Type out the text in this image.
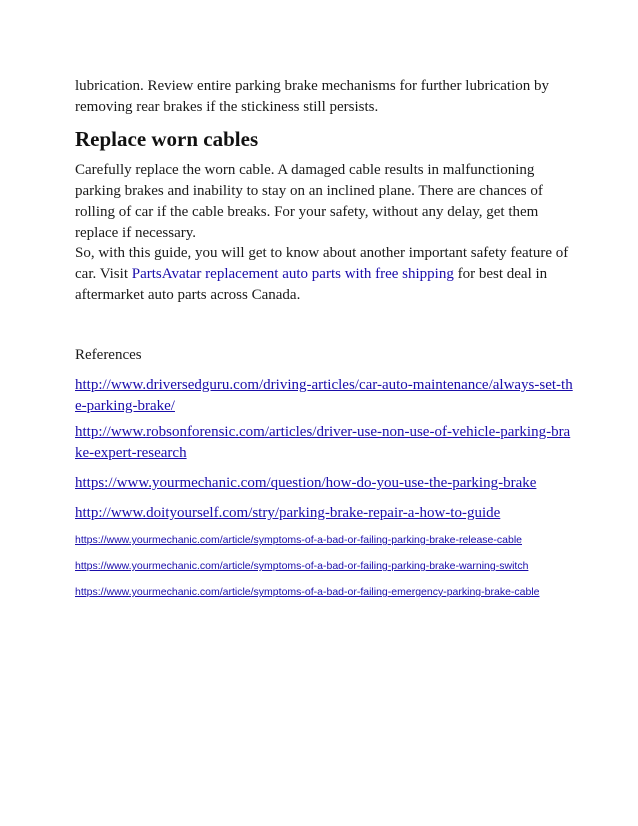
lubrication. Review entire parking brake mechanisms for further lubrication by removing rear brakes if the stickiness still persists.

Replace worn cables

Carefully replace the worn cable. A damaged cable results in malfunctioning parking brakes and inability to stay on an inclined plane. There are chances of rolling of car if the cable breaks. For your safety, without any delay, get them replace if necessary.

So, with this guide, you will get to know about another important safety feature of car. Visit PartsAvatar replacement auto parts with free shipping for best deal in aftermarket auto parts across Canada.

References

http://www.driversedguru.com/driving-articles/car-auto-maintenance/always-set-the-parking-brake/
http://www.robsonforensic.com/articles/driver-use-non-use-of-vehicle-parking-brake-expert-research
https://www.yourmechanic.com/question/how-do-you-use-the-parking-brake
http://www.doityourself.com/stry/parking-brake-repair-a-how-to-guide
https://www.yourmechanic.com/article/symptoms-of-a-bad-or-failing-parking-brake-release-cable
https://www.yourmechanic.com/article/symptoms-of-a-bad-or-failing-parking-brake-warning-switch
https://www.yourmechanic.com/article/symptoms-of-a-bad-or-failing-emergency-parking-brake-cable
